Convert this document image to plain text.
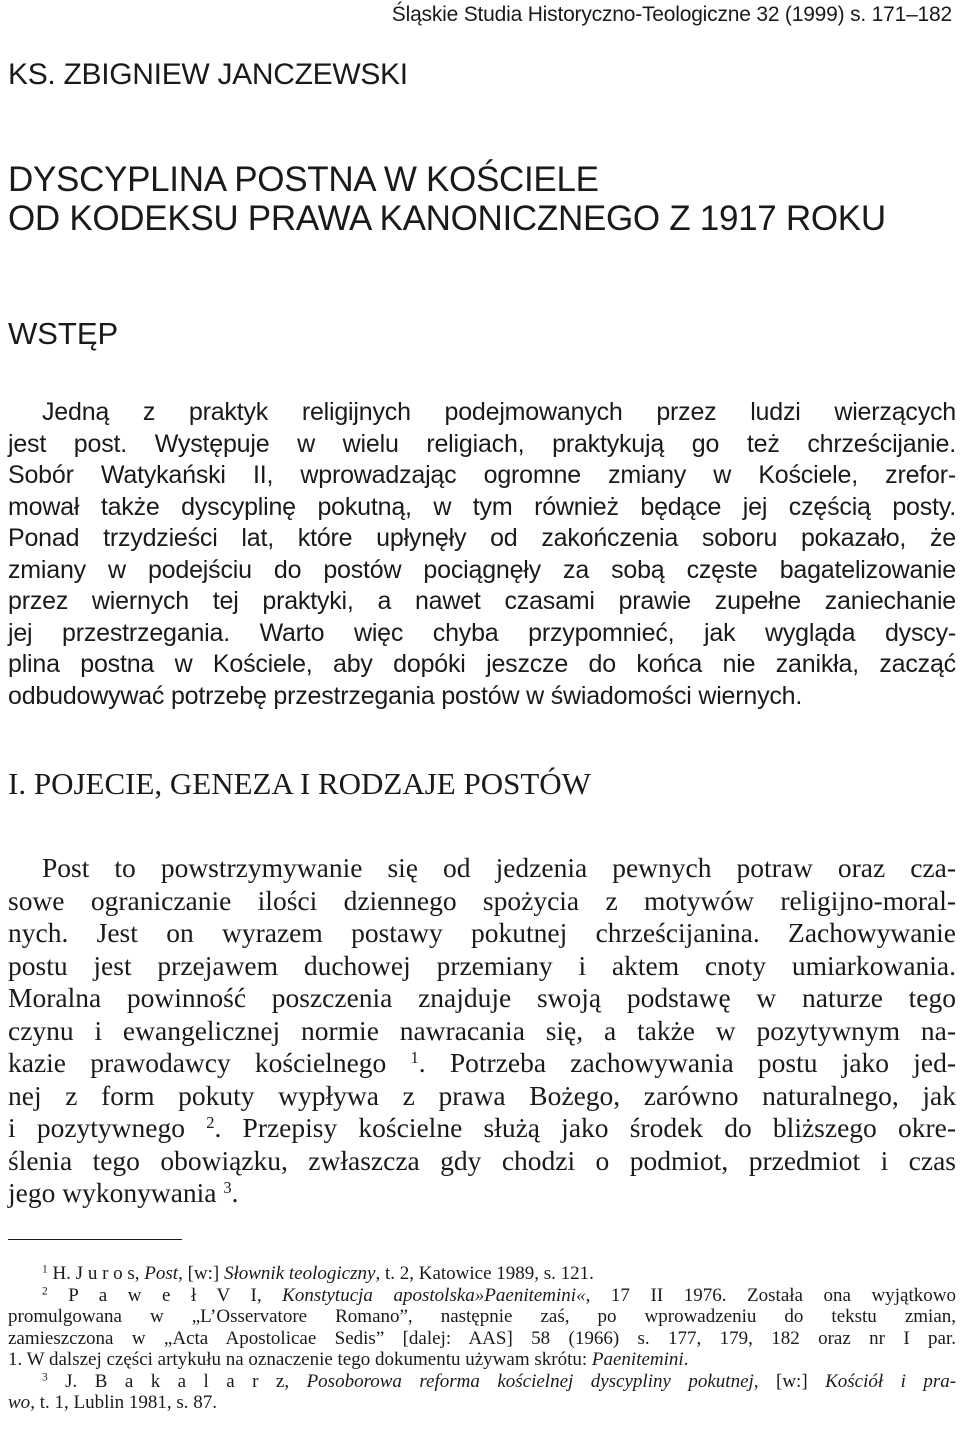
Śląskie Studia Historyczno-Teologiczne 32 (1999) s. 171–182
KS. ZBIGNIEW JANCZEWSKI
DYSCYPLINA POSTNA W KOŚCIELE
OD KODEKSU PRAWA KANONICZNEGO Z 1917 ROKU
WSTĘP
Jedną z praktyk religijnych podejmowanych przez ludzi wierzących
jest post. Występuje w wielu religiach, praktykują go też chrześcijanie.
Sobór Watykański II, wprowadzając ogromne zmiany w Kościele, zrefor-
mował także dyscyplinę pokutną, w tym również będące jej częścią posty.
Ponad trzydzieści lat, które upłynęły od zakończenia soboru pokazało, że
zmiany w podejściu do postów pociągnęły za sobą częste bagatelizowanie
przez wiernych tej praktyki, a nawet czasami prawie zupełne zaniechanie
jej przestrzegania. Warto więc chyba przypomnieć, jak wygląda dyscy-
plina postna w Kościele, aby dopóki jeszcze do końca nie zanikła, zacząć
odbudowywać potrzebę przestrzegania postów w świadomości wiernych.
I. POJECIE, GENEZA I RODZAJE POSTÓW
Post to powstrzymywanie się od jedzenia pewnych potraw oraz cza-
sowe ograniczanie ilości dziennego spożycia z motywów religijno-moral-
nych. Jest on wyrazem postawy pokutnej chrześcijanina. Zachowywanie
postu jest przejawem duchowej przemiany i aktem cnoty umiarkowania.
Moralna powinność poszczenia znajduje swoją podstawę w naturze tego
czynu i ewangelicznej normie nawracania się, a także w pozytywnym na-
kazie prawodawcy kościelnego $^1$. Potrzeba zachowywania postu jako jed-
nej z form pokuty wypływa z prawa Bożego, zarówno naturalnego, jak
i pozytywnego $^2$. Przepisy kościelne służą jako środek do bliższego okre-
ślenia tego obowiązku, zwłaszcza gdy chodzi o podmiot, przedmiot i czas
jego wykonywania $^3$.
$^1$ H. J u r o s, Post, [w:] Słownik teologiczny, t. 2, Katowice 1989, s. 121.
$^2$ P a w e ł V I, Konstytucja apostolska»Paenitemini«, 17 II 1976. Została ona wyjątkowo
promulgowana w „L’Osservatore Romano”, następnie zaś, po wprowadzeniu do tekstu zmian,
zamieszczona w „Acta Apostolicae Sedis” [dalej: AAS] 58 (1966) s. 177, 179, 182 oraz nr I par.
1. W dalszej części artykułu na oznaczenie tego dokumentu używam skrótu: Paenitemini.
$^3$ J. B a k a l a r z, Posoborowa reforma kościelnej dyscypliny pokutnej, [w:] Kościół i pra-
wo, t. 1, Lublin 1981, s. 87.
